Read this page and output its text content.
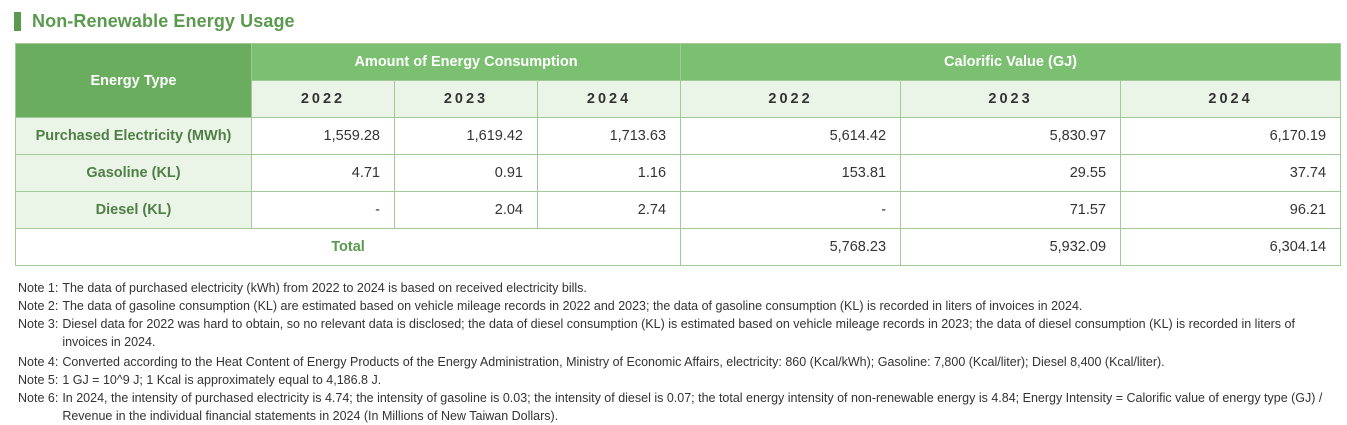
Non-Renewable Energy Usage
Energy Type	Amount of Energy Consumption			Calorific Value (GJ)		
	2022	2023	2024	2022	2023	2024
Purchased Electricity (MWh)	1,559.28	1,619.42	1,713.63	5,614.42	5,830.97	6,170.19
Gasoline (KL)	4.71	0.91	1.16	153.81	29.55	37.74
Diesel (KL)	-	2.04	2.74	-	71.57	96.21
Total				5,768.23	5,932.09	6,304.14
Note 1: The data of purchased electricity (kWh) from 2022 to 2024 is based on received electricity bills.
Note 2: The data of gasoline consumption (KL) are estimated based on vehicle mileage records in 2022 and 2023; the data of gasoline consumption (KL) is recorded in liters of invoices in 2024.
Note 3: Diesel data for 2022 was hard to obtain, so no relevant data is disclosed; the data of diesel consumption (KL) is estimated based on vehicle mileage records in 2023; the data of diesel consumption (KL) is recorded in liters of invoices in 2024.
Note 4: Converted according to the Heat Content of Energy Products of the Energy Administration, Ministry of Economic Affairs, electricity: 860 (Kcal/kWh); Gasoline: 7,800 (Kcal/liter); Diesel 8,400 (Kcal/liter).
Note 5: 1 GJ = 10^9 J; 1 Kcal is approximately equal to 4,186.8 J.
Note 6: In 2024, the intensity of purchased electricity is 4.74; the intensity of gasoline is 0.03; the intensity of diesel is 0.07; the total energy intensity of non-renewable energy is 4.84; Energy Intensity = Calorific value of energy type (GJ) / Revenue in the individual financial statements in 2024 (In Millions of New Taiwan Dollars).
